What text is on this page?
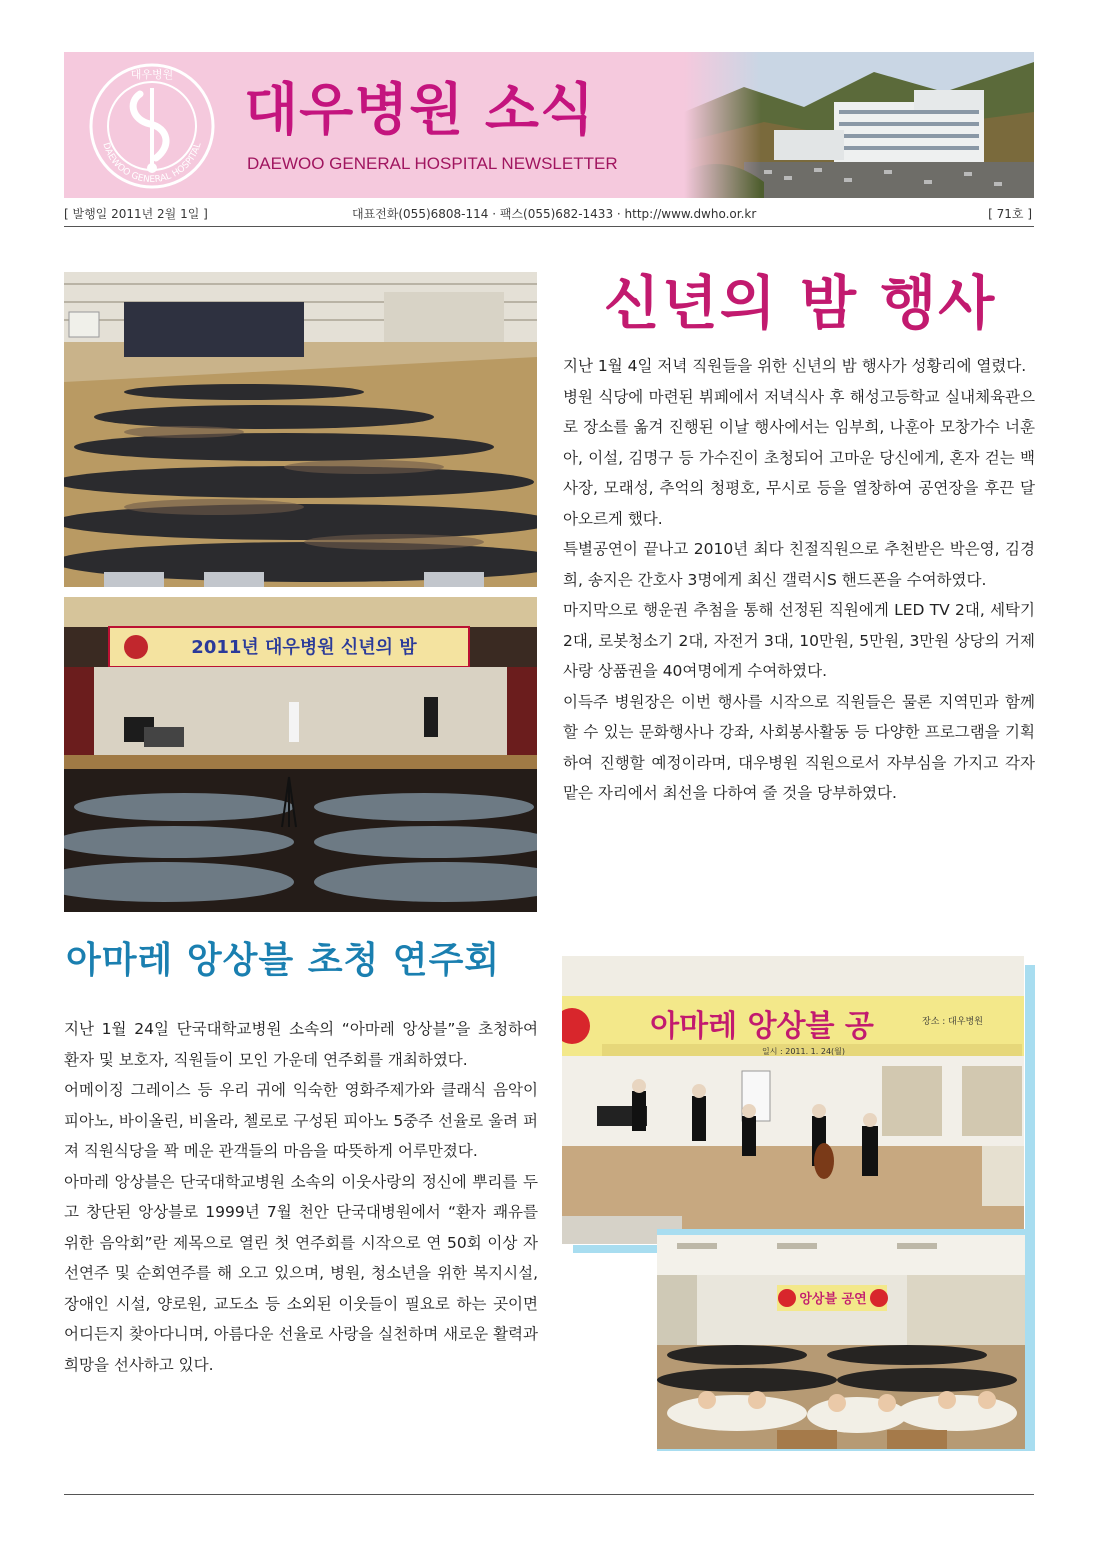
대우병원
DAEWOO GENERAL HOSPITAL
대우병원 소식
DAEWOO GENERAL HOSPITAL NEWSLETTER
[ 발행일 2011년 2월 1일 ]	대표전화(055)6808-114 · 팩스(055)682-1433 · http://www.dwho.or.kr	[ 71호 ]
2011년 대우병원 신년의 밤
신년의 밤 행사

지난 1월 4일 저녁 직원들을 위한 신년의 밤 행사가 성황리에 열렸다.

병원 식당에 마련된 뷔페에서 저녁식사 후 해성고등학교 실내체육관으로 장소를 옮겨 진행된 이날 행사에서는 임부희, 나훈아 모창가수 너훈아, 이설, 김명구 등 가수진이 초청되어 고마운 당신에게, 혼자 걷는 백사장, 모래성, 추억의 청평호, 무시로 등을 열창하여 공연장을 후끈 달아오르게 했다.

특별공연이 끝나고 2010년 최다 친절직원으로 추천받은 박은영, 김경희, 송지은 간호사 3명에게 최신 갤럭시S 핸드폰을 수여하였다.

마지막으로 행운권 추첨을 통해 선정된 직원에게 LED TV 2대, 세탁기 2대, 로봇청소기 2대, 자전거 3대, 10만원, 5만원, 3만원 상당의 거제사랑 상품권을 40여명에게 수여하였다.

이득주 병원장은 이번 행사를 시작으로 직원들은 물론 지역민과 함께할 수 있는 문화행사나 강좌, 사회봉사활동 등 다양한 프로그램을 기획하여 진행할 예정이라며, 대우병원 직원으로서 자부심을 가지고 각자 맡은 자리에서 최선을 다하여 줄 것을 당부하였다.

아마레 앙상블 초청 연주회

지난 1월 24일 단국대학교병원 소속의 “아마레 앙상블”을 초청하여 환자 및 보호자, 직원들이 모인 가운데 연주회를 개최하였다.

어메이징 그레이스 등 우리 귀에 익숙한 영화주제가와 클래식 음악이 피아노, 바이올린, 비올라, 첼로로 구성된 피아노 5중주 선율로 울려 퍼져 직원식당을 꽉 메운 관객들의 마음을 따뜻하게 어루만졌다.

아마레 앙상블은 단국대학교병원 소속의 이웃사랑의 정신에 뿌리를 두고 창단된 앙상블로 1999년 7월 천안 단국대병원에서 “환자 쾌유를 위한 음악회”란 제목으로 열린 첫 연주회를 시작으로 연 50회 이상 자선연주 및 순회연주를 해 오고 있으며, 병원, 청소년을 위한 복지시설, 장애인 시설, 양로원, 교도소 등 소외된 이웃들이 필요로 하는 곳이면 어디든지 찾아다니며, 아름다운 선율로 사랑을 실천하며 새로운 활력과 희망을 선사하고 있다.

아마레 앙상블 공
일시 : 2011. 1. 24(월)
장소 : 대우병원
앙상블 공연
